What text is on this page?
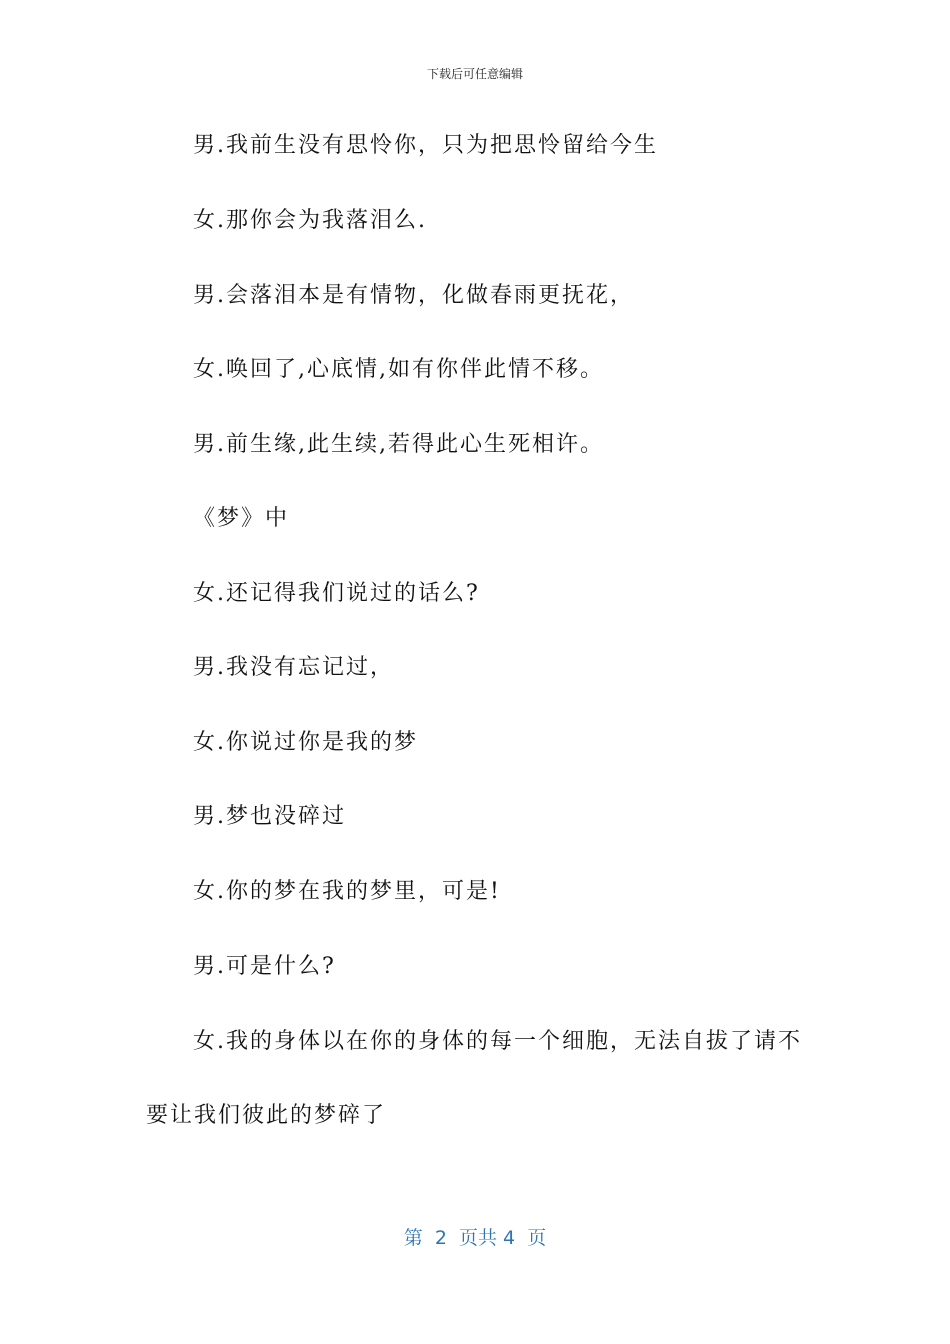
下载后可任意编辑
男.我前生没有思怜你，只为把思怜留给今生
女.那你会为我落泪么.
男.会落泪本是有情物，化做春雨更抚花，
女.唤回了,心底情,如有你伴此情不移。
男.前生缘,此生续,若得此心生死相许。
《梦》中
女.还记得我们说过的话么?
男.我没有忘记过，
女.你说过你是我的梦
男.梦也没碎过
女.你的梦在我的梦里，可是!
男.可是什么?
女.我的身体以在你的身体的每一个细胞，无法自拔了请不
要让我们彼此的梦碎了
第  2  页共 4  页
